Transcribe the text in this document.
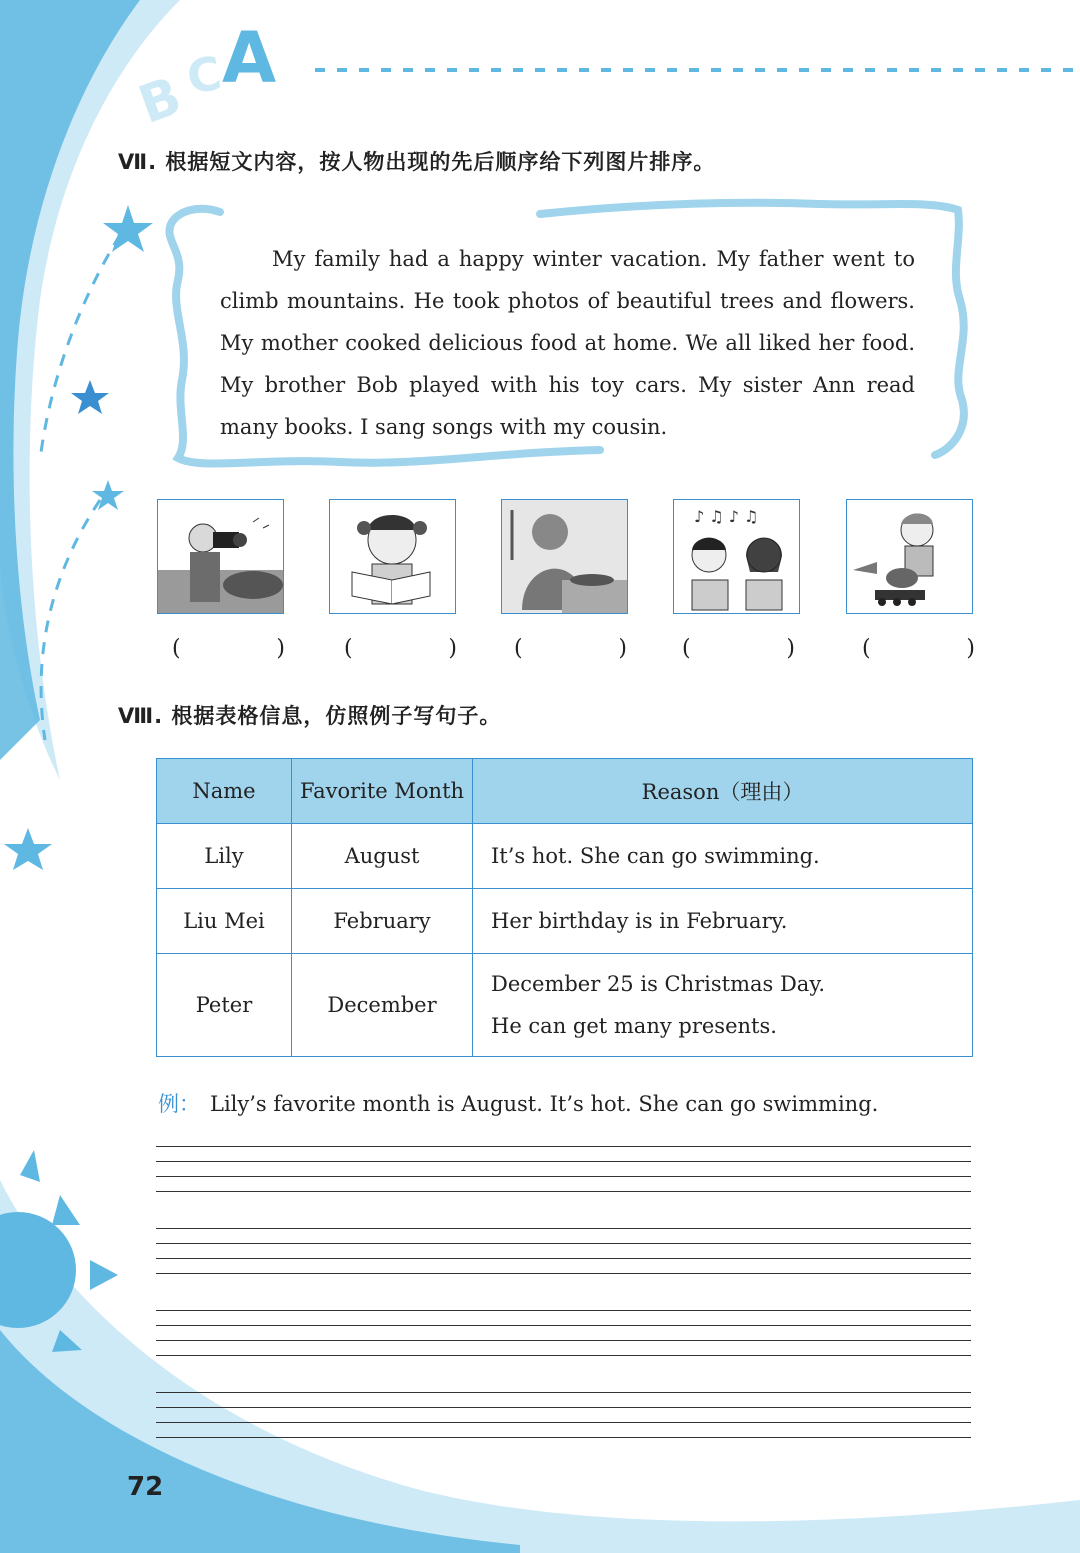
B
C
A
Ⅶ. 根据短文内容，按人物出现的先后顺序给下列图片排序。

My family had a happy winter vacation. My father went to climb mountains. He took photos of beautiful trees and flowers. My mother cooked delicious food at home. We all liked her food. My brother Bob played with his toy cars. My sister Ann read many books. I sang songs with my cousin.

♪ ♫ ♪ ♫
(	)	(	)	(	)	(	)	(	)
Ⅷ. 根据表格信息，仿照例子写句子。
Name	Favorite Month	Reason（理由）
Lily	August	It’s hot. She can go swimming.

Liu Mei	February	Her birthday is in February.

Peter	December	December 25 is Christmas Day.
He can get many presents.
例： Lily’s favorite month is August. It’s hot. She can go swimming.
72
